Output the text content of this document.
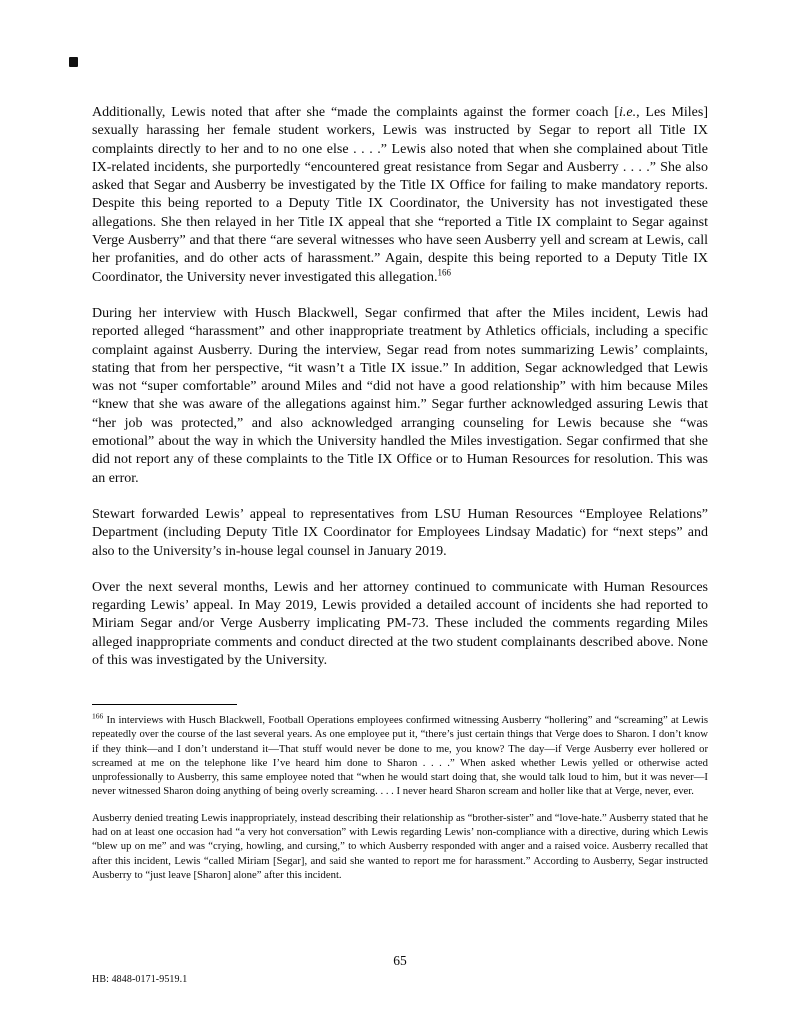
Additionally, Lewis noted that after she “made the complaints against the former coach [i.e., Les Miles] sexually harassing her female student workers, Lewis was instructed by Segar to report all Title IX complaints directly to her and to no one else . . . .” Lewis also noted that when she complained about Title IX-related incidents, she purportedly “encountered great resistance from Segar and Ausberry . . . .” She also asked that Segar and Ausberry be investigated by the Title IX Office for failing to make mandatory reports. Despite this being reported to a Deputy Title IX Coordinator, the University has not investigated these allegations. She then relayed in her Title IX appeal that she “reported a Title IX complaint to Segar against Verge Ausberry” and that there “are several witnesses who have seen Ausberry yell and scream at Lewis, call her profanities, and do other acts of harassment.” Again, despite this being reported to a Deputy Title IX Coordinator, the University never investigated this allegation.$^{166}$

During her interview with Husch Blackwell, Segar confirmed that after the Miles incident, Lewis had reported alleged “harassment” and other inappropriate treatment by Athletics officials, including a specific complaint against Ausberry. During the interview, Segar read from notes summarizing Lewis’ complaints, stating that from her perspective, “it wasn’t a Title IX issue.” In addition, Segar acknowledged that Lewis was not “super comfortable” around Miles and “did not have a good relationship” with him because Miles “knew that she was aware of the allegations against him.” Segar further acknowledged assuring Lewis that “her job was protected,” and also acknowledged arranging counseling for Lewis because she “was emotional” about the way in which the University handled the Miles investigation. Segar confirmed that she did not report any of these complaints to the Title IX Office or to Human Resources for resolution. This was an error.

Stewart forwarded Lewis’ appeal to representatives from LSU Human Resources “Employee Relations” Department (including Deputy Title IX Coordinator for Employees Lindsay Madatic) for “next steps” and also to the University’s in-house legal counsel in January 2019.

Over the next several months, Lewis and her attorney continued to communicate with Human Resources regarding Lewis’ appeal. In May 2019, Lewis provided a detailed account of incidents she had reported to Miriam Segar and/or Verge Ausberry implicating PM-73. These included the comments regarding Miles alleged inappropriate comments and conduct directed at the two student complainants described above. None of this was investigated by the University.

$^{166}$ In interviews with Husch Blackwell, Football Operations employees confirmed witnessing Ausberry “hollering” and “screaming” at Lewis repeatedly over the course of the last several years. As one employee put it, “there’s just certain things that Verge does to Sharon. I don’t know if they think—and I don’t understand it—That stuff would never be done to me, you know? The day—if Verge Ausberry ever hollered or screamed at me on the telephone like I’ve heard him done to Sharon . . . .” When asked whether Lewis yelled or otherwise acted unprofessionally to Ausberry, this same employee noted that “when he would start doing that, she would talk loud to him, but it was never—I never witnessed Sharon doing anything of being overly screaming. . . . I never heard Sharon scream and holler like that at Verge, never, ever.

Ausberry denied treating Lewis inappropriately, instead describing their relationship as “brother-sister” and “love-hate.” Ausberry stated that he had on at least one occasion had “a very hot conversation” with Lewis regarding Lewis’ non-compliance with a directive, during which Lewis “blew up on me” and was “crying, howling, and cursing,” to which Ausberry responded with anger and a raised voice. Ausberry recalled that after this incident, Lewis “called Miriam [Segar], and said she wanted to report me for harassment.” According to Ausberry, Segar instructed Ausberry to “just leave [Sharon] alone” after this incident.

65
HB: 4848-0171-9519.1
